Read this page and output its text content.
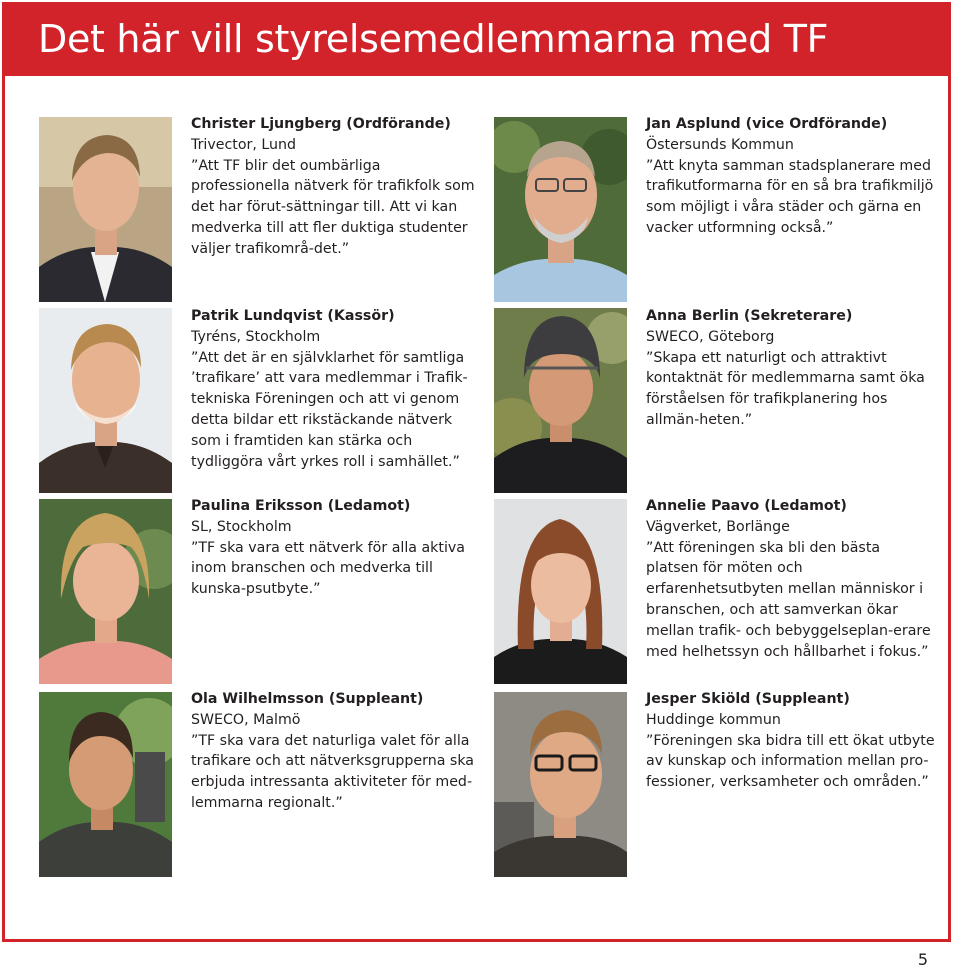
Det här vill styrelsemedlemmarna med TF
Christer Ljungberg (Ordförande)
Trivector, Lund
”Att TF blir det oumbärliga professionella nätverk för trafikfolk som det har förut-sättningar till. Att vi kan medverka till att fler duktiga studenter väljer trafikområ-det.”
Jan Asplund (vice Ordförande)
Östersunds Kommun
”Att knyta samman stadsplanerare med trafikutformarna för en så bra trafikmiljö som möjligt i våra städer och gärna en vacker utformning också.”
Patrik Lundqvist (Kassör)
Tyréns, Stockholm
”Att det är en självklarhet för samtliga ’trafikare’ att vara medlemmar i Trafik-tekniska Föreningen och att vi genom detta bildar ett rikstäckande nätverk som i framtiden kan stärka och tydliggöra vårt yrkes roll i samhället.”
Anna Berlin (Sekreterare)
SWECO, Göteborg
”Skapa ett naturligt och attraktivt kontaktnät för medlemmarna samt öka förståelsen för trafikplanering hos allmän-heten.”
Paulina Eriksson (Ledamot)
SL, Stockholm
”TF ska vara ett nätverk för alla aktiva inom branschen och medverka till kunska-psutbyte.”
Annelie Paavo (Ledamot)
Vägverket, Borlänge
”Att föreningen ska bli den bästa platsen för möten och erfarenhetsutbyten mellan människor i branschen, och att samverkan ökar mellan trafik- och bebyggelseplan-erare med helhetssyn och hållbarhet i fokus.”
Ola Wilhelmsson (Suppleant)
SWECO, Malmö
”TF ska vara det naturliga valet för alla trafikare och att nätverksgrupperna ska erbjuda intressanta aktiviteter för med-lemmarna regionalt.”
Jesper Skiöld (Suppleant)
Huddinge kommun
”Föreningen ska bidra till ett ökat utbyte av kunskap och information mellan pro-fessioner, verksamheter och områden.”
5
